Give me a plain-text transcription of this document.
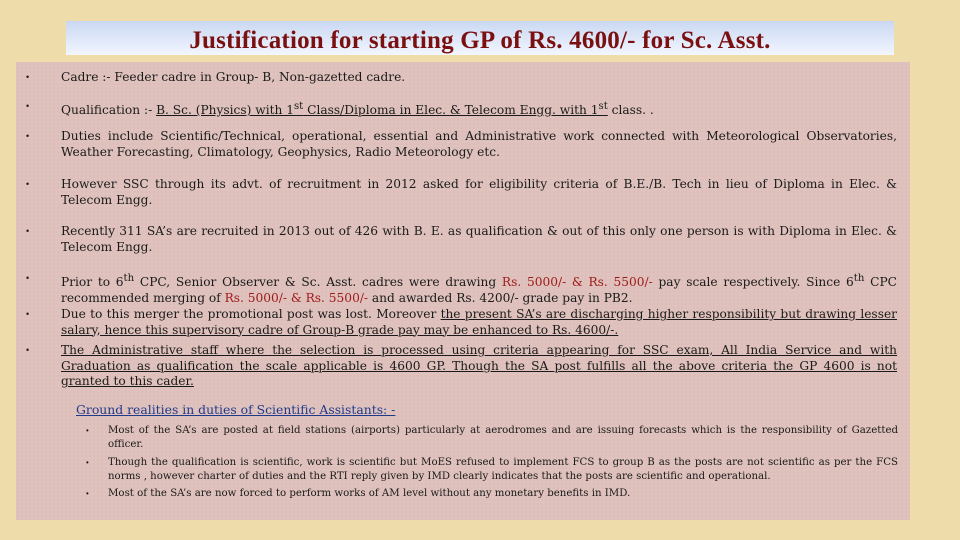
Justification for starting GP of Rs. 4600/- for Sc. Asst.
•	Cadre :- Feeder cadre in Group- B, Non-gazetted cadre.
•	Qualification :- B. Sc. (Physics) with 1st Class/Diploma in Elec. & Telecom Engg. with 1st class. .
•	Duties include Scientific/Technical, operational, essential and Administrative work connected with Meteorological Observatories, Weather Forecasting, Climatology, Geophysics, Radio Meteorology etc.
•	However SSC through its advt. of recruitment in 2012 asked for eligibility criteria of B.E./B. Tech in lieu of Diploma in Elec. & Telecom Engg.
•	Recently 311 SA’s are recruited in 2013 out of 426 with B. E. as qualification & out of this only one person is with Diploma in Elec. & Telecom Engg.
•	Prior to 6th CPC, Senior Observer & Sc. Asst. cadres were drawing Rs. 5000/- & Rs. 5500/- pay scale respectively. Since 6th CPC recommended merging of Rs. 5000/- & Rs. 5500/- and awarded Rs. 4200/- grade pay in PB2.
•	Due to this merger the promotional post was lost. Moreover the present SA’s are discharging higher responsibility but drawing lesser salary, hence this supervisory cadre of Group-B grade pay may be enhanced to Rs. 4600/-.
•	The Administrative staff where the selection is processed using criteria appearing for SSC exam, All India Service and with Graduation as qualification the scale applicable is 4600 GP. Though the SA post fulfills all the above criteria the GP 4600 is not granted to this cader.
Ground realities in duties of Scientific Assistants: -
• Most of the SA’s are posted at field stations (airports) particularly at aerodromes and are issuing forecasts which is the responsibility of Gazetted officer.
• Though the qualification is scientific, work is scientific but MoES refused to implement FCS to group B as the posts are not scientific as per the FCS norms , however charter of duties and the RTI reply given by IMD clearly indicates that the posts are scientific and operational.
• Most of the SA’s are now forced to perform works of AM level without any monetary benefits in IMD.
